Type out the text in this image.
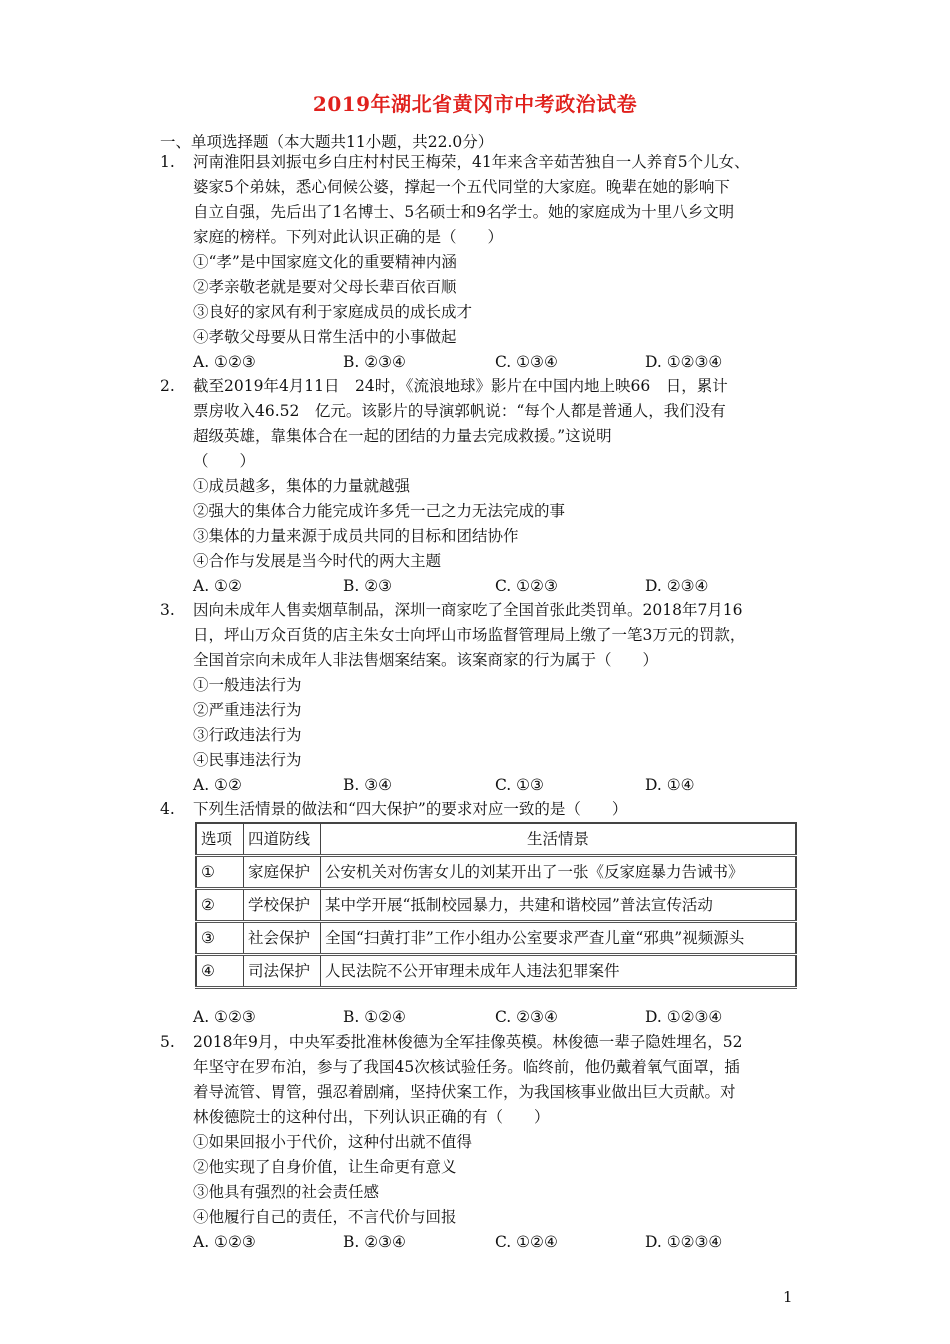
2019年湖北省黄冈市中考政治试卷
一、单项选择题（本大题共11小题，共22.0分）
1.	河南淮阳县刘振屯乡白庄村村民王梅荣，41年来含辛茹苦独自一人养育5个儿女、
婆家5个弟妹，悉心伺候公婆，撑起一个五代同堂的大家庭。晚辈在她的影响下
自立自强，先后出了1名博士、5名硕士和9名学士。她的家庭成为十里八乡文明
家庭的榜样。下列对此认识正确的是（　　）
①“孝”是中国家庭文化的重要精神内涵
②孝亲敬老就是要对父母长辈百依百顺
③良好的家风有利于家庭成员的成长成才
④孝敬父母要从日常生活中的小事做起
A. ①②③	B. ②③④	C. ①③④	D. ①②③④
2.	截至2019年4月11日　24时，《流浪地球》影片在中国内地上映66　日，累计
票房收入46.52　亿元。该影片的导演郭帆说：“每个人都是普通人，我们没有
超级英雄，靠集体合在一起的团结的力量去完成救援。”这说明
（　　）
①成员越多，集体的力量就越强
②强大的集体合力能完成许多凭一己之力无法完成的事
③集体的力量来源于成员共同的目标和团结协作
④合作与发展是当今时代的两大主题
A. ①②	B. ②③	C. ①②③	D. ②③④
3.	因向未成年人售卖烟草制品，深圳一商家吃了全国首张此类罚单。2018年7月16
日，坪山万众百货的店主朱女士向坪山市场监督管理局上缴了一笔3万元的罚款，
全国首宗向未成年人非法售烟案结案。该案商家的行为属于（　　）
①一般违法行为
②严重违法行为
③行政违法行为
④民事违法行为
A. ①②	B. ③④	C. ①③	D. ①④
4.	下列生活情景的做法和“四大保护”的要求对应一致的是（　　）
选项	四道防线	生活情景
①	家庭保护	公安机关对伤害女儿的刘某开出了一张《反家庭暴力告诫书》
②	学校保护	某中学开展“抵制校园暴力，共建和谐校园”普法宣传活动
③	社会保护	全国“扫黄打非”工作小组办公室要求严查儿童“邪典”视频源头
④	司法保护	人民法院不公开审理未成年人违法犯罪案件
A. ①②③	B. ①②④	C. ②③④	D. ①②③④
5.	2018年9月，中央军委批准林俊德为全军挂像英模。林俊德一辈子隐姓埋名，52
年坚守在罗布泊，参与了我国45次核试验任务。临终前，他仍戴着氧气面罩，插
着导流管、胃管，强忍着剧痛，坚持伏案工作，为我国核事业做出巨大贡献。对
林俊德院士的这种付出，下列认识正确的有（　　）
①如果回报小于代价，这种付出就不值得
②他实现了自身价值，让生命更有意义
③他具有强烈的社会责任感
④他履行自己的责任，不言代价与回报
A. ①②③	B. ②③④	C. ①②④	D. ①②③④
1
